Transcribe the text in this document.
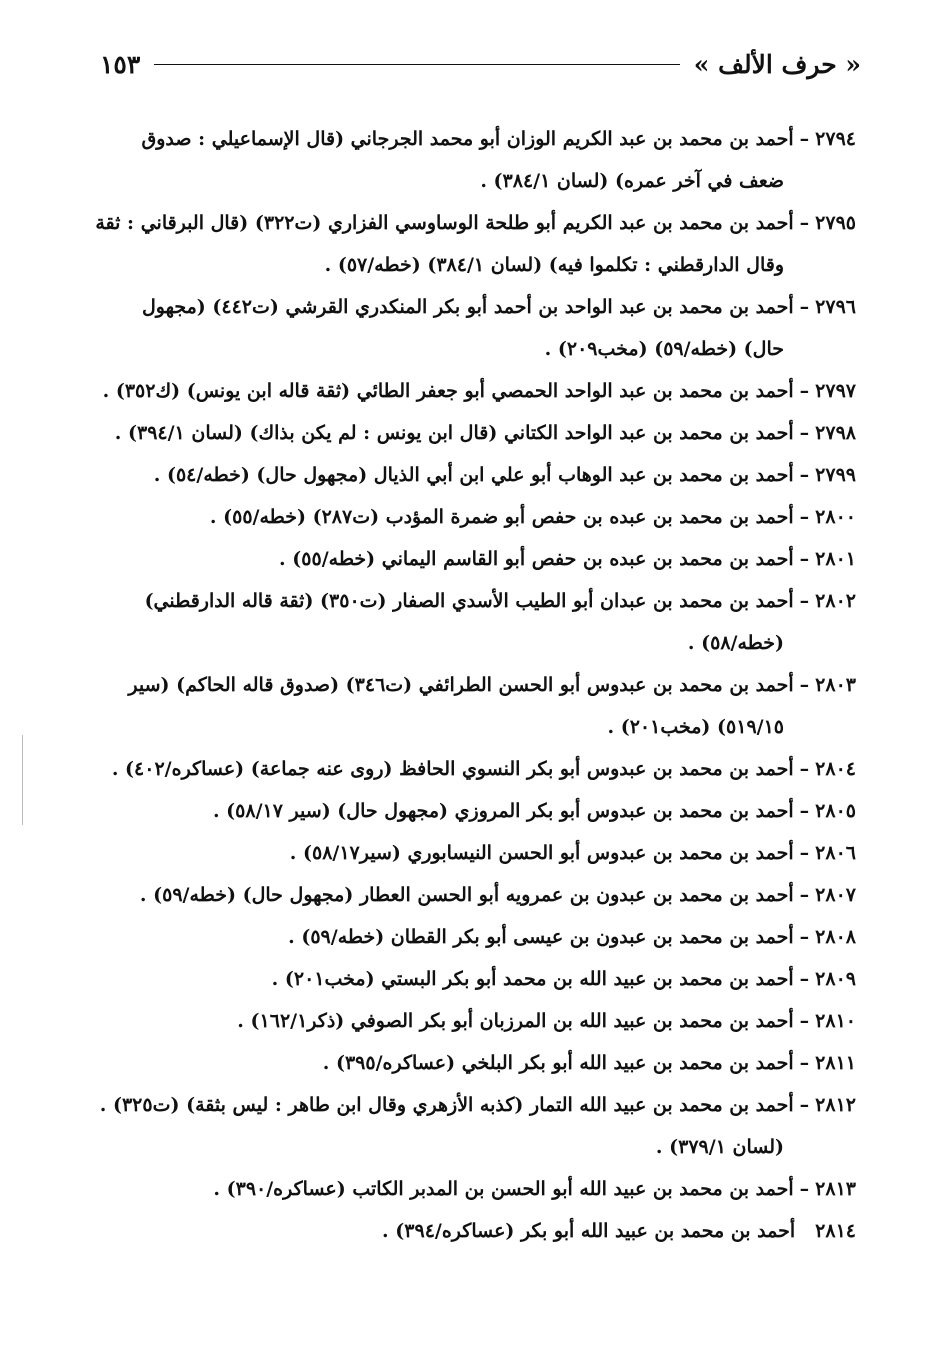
« حرف الألف »
١٥٣

٢٧٩٤–أحمد بن محمد بن عبد الكريم الوزان أبو محمد الجرجاني (قال الإسماعيلي : صدوق
ضعف في آخر عمره) (لسان ٣٨٤/١) .

٢٧٩٥–أحمد بن محمد بن عبد الكريم أبو طلحة الوساوسي الفزاري (ت٣٢٢) (قال البرقاني : ثقة
وقال الدارقطني : تكلموا فيه) (لسان ٣٨٤/١) (خطه/٥٧) .

٢٧٩٦–أحمد بن محمد بن عبد الواحد بن أحمد أبو بكر المنكدري القرشي (ت٤٤٢) (مجهول
حال) (خطه/٥٩) (مخب٢٠٩) .

٢٧٩٧–أحمد بن محمد بن عبد الواحد الحمصي أبو جعفر الطائي (ثقة قاله ابن يونس) (ك٣٥٢) .

٢٧٩٨–أحمد بن محمد بن عبد الواحد الكتاني (قال ابن يونس : لم يكن بذاك) (لسان ٣٩٤/١) .

٢٧٩٩–أحمد بن محمد بن عبد الوهاب أبو علي ابن أبي الذيال (مجهول حال) (خطه/٥٤) .

٢٨٠٠–أحمد بن محمد بن عبده بن حفص أبو ضمرة المؤدب (ت٢٨٧) (خطه/٥٥) .

٢٨٠١–أحمد بن محمد بن عبده بن حفص أبو القاسم اليماني (خطه/٥٥) .

٢٨٠٢–أحمد بن محمد بن عبدان أبو الطيب الأسدي الصفار (ت٣٥٠) (ثقة قاله الدارقطني)
(خطه/٥٨) .

٢٨٠٣–أحمد بن محمد بن عبدوس أبو الحسن الطرائفي (ت٣٤٦) (صدوق قاله الحاكم) (سير
٥١٩/١٥) (مخب٢٠١) .

٢٨٠٤–أحمد بن محمد بن عبدوس أبو بكر النسوي الحافظ (روى عنه جماعة) (عساكره/٤٠٢) .

٢٨٠٥–أحمد بن محمد بن عبدوس أبو بكر المروزي (مجهول حال) (سير ٥٨/١٧) .

٢٨٠٦–أحمد بن محمد بن عبدوس أبو الحسن النيسابوري (سير٥٨/١٧) .

٢٨٠٧–أحمد بن محمد بن عبدون بن عمرويه أبو الحسن العطار (مجهول حال) (خطه/٥٩) .

٢٨٠٨–أحمد بن محمد بن عبدون بن عيسى أبو بكر القطان (خطه/٥٩) .

٢٨٠٩–أحمد بن محمد بن عبيد الله بن محمد أبو بكر البستي (مخب٢٠١) .

٢٨١٠–أحمد بن محمد بن عبيد الله بن المرزبان أبو بكر الصوفي (ذكر١٦٢/١) .

٢٨١١–أحمد بن محمد بن عبيد الله أبو بكر البلخي (عساكره/٣٩٥) .

٢٨١٢–أحمد بن محمد بن عبيد الله التمار (كذبه الأزهري وقال ابن طاهر : ليس بثقة) (ت٣٢٥) .
(لسان ٣٧٩/١) .

٢٨١٣–أحمد بن محمد بن عبيد الله أبو الحسن بن المدبر الكاتب (عساكره/٣٩٠) .

٢٨١٤أحمد بن محمد بن عبيد الله أبو بكر (عساكره/٣٩٤) .
